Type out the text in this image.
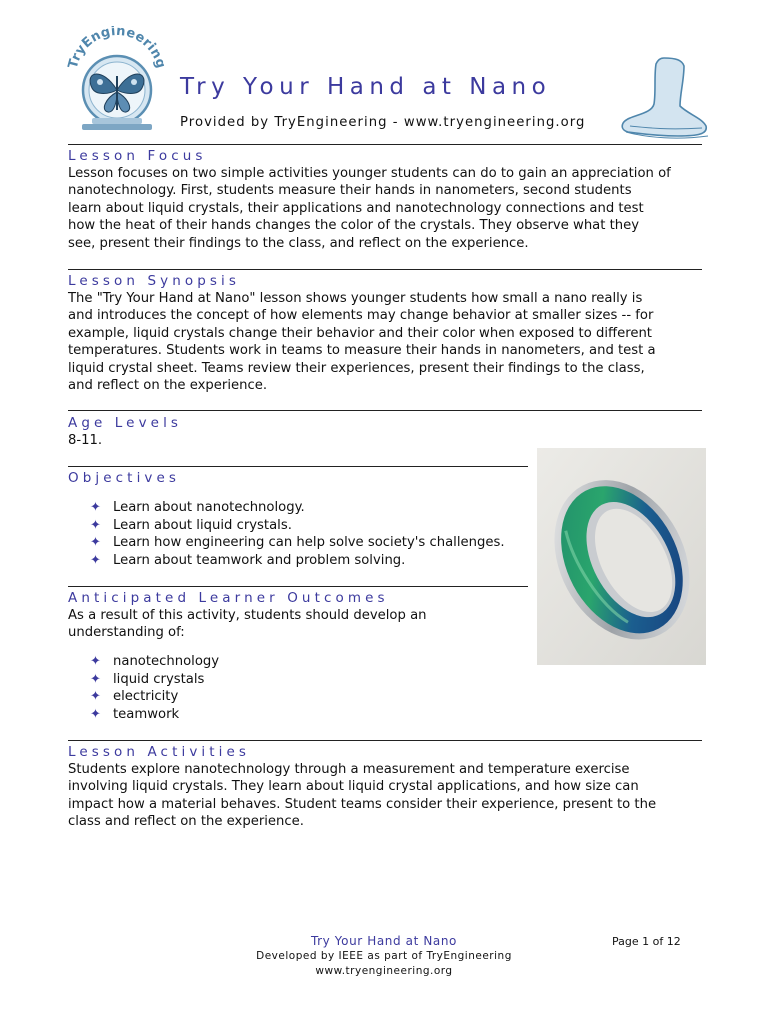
TryEngineering
Try Your Hand at Nano
Provided by TryEngineering - www.tryengineering.org
Lesson Focus
Lesson focuses on two simple activities younger students can do to gain an appreciation of
nanotechnology. First, students measure their hands in nanometers, second students
learn about liquid crystals, their applications and nanotechnology connections and test
how the heat of their hands changes the color of the crystals. They observe what they
see, present their findings to the class, and reflect on the experience.
Lesson Synopsis
The "Try Your Hand at Nano" lesson shows younger students how small a nano really is
and introduces the concept of how elements may change behavior at smaller sizes -- for
example, liquid crystals change their behavior and their color when exposed to different
temperatures. Students work in teams to measure their hands in nanometers, and test a
liquid crystal sheet. Teams review their experiences, present their findings to the class,
and reflect on the experience.
Age Levels
8-11.
Objectives
✦ Learn about nanotechnology.
✦ Learn about liquid crystals.
✦ Learn how engineering can help solve society's challenges.
✦ Learn about teamwork and problem solving.
Anticipated Learner Outcomes
As a result of this activity, students should develop an
understanding of:
✦ nanotechnology
✦ liquid crystals
✦ electricity
✦ teamwork
Lesson Activities
Students explore nanotechnology through a measurement and temperature exercise
involving liquid crystals. They learn about liquid crystal applications, and how size can
impact how a material behaves. Student teams consider their experience, present to the
class and reflect on the experience.
Try Your Hand at Nano
Developed by IEEE as part of TryEngineering
www.tryengineering.org
Page 1 of 12
